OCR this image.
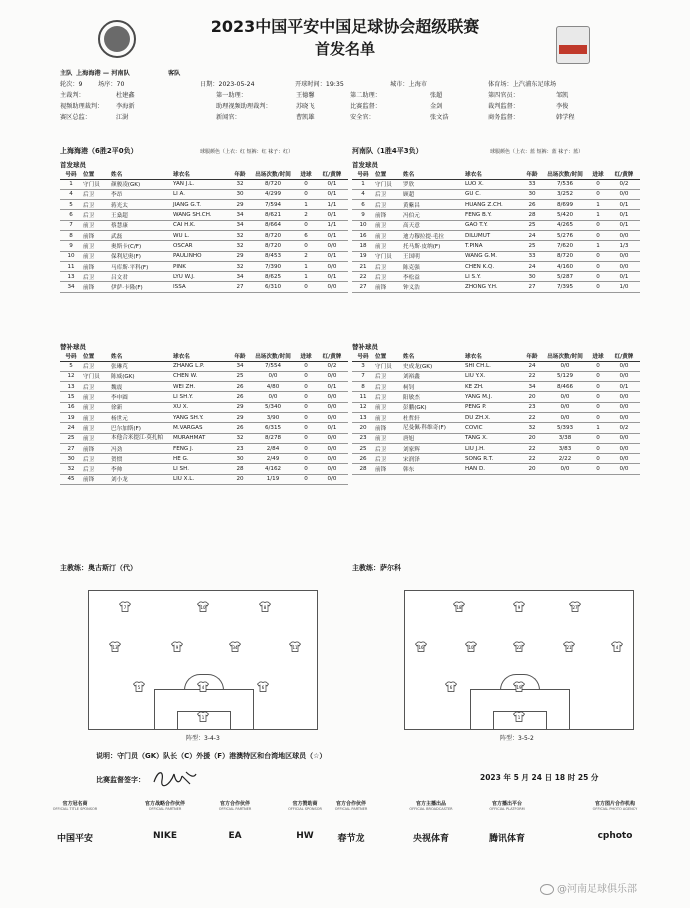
2023中国平安中国足球协会超级联赛
首发名单
主队 上海海港 — 河南队	客队
轮次：9	场序：70	日期：2023-05-24	开球时间：19:35	城市：上海市	体育场：上汽浦东足球场
主裁判：	杜建鑫	第一助理：	王德馨	第二助理：	张超	第四官员：	邹凯
视频助理裁判： 李海新	助理视频助理裁判：	苏晓飞	比赛监督：	金剑	裁判监督：	李俊
赛区总监：	江澍	新闻官：	曹凯雄	安全官：	张文浩	商务监督：	韩学程
上海海港（6胜2平0负）	球服颜色（上衣：红 短裤：红 袜子：红）	河南队（1胜4平3负）	球服颜色（上衣：蓝 短裤：蓝 袜子：蓝）
首发球员	首发球员
号码	位置	姓名	球衣名	年龄	出场次数/时间	进球	红/黄牌
1	守门员	颜骏凌(GK)	YAN J.L.	32	8/720	0	0/1
4	后卫	李昂	LI A.	30	4/299	0	0/1
5	后卫	蒋光太	JIANG G.T.	29	7/594	1	1/1
6	后卫	王燊超	WANG SH.CH.	34	8/621	2	0/1
7	前卫	蔡慧康	CAI H.K.	34	8/664	0	1/1
8	前锋	武磊	WU L.	32	8/720	6	0/1
9	前卫	奥斯卡(C/F)	OSCAR	32	8/720	0	0/0
10	前卫	保利尼奥(F)	PAULINHO	29	8/453	2	0/1
11	前锋	马库斯·平科(F)	PINK	32	7/390	1	0/0
13	后卫	吕文君	LYU W.J.	34	8/625	1	0/1
34	前锋	伊萨·卡隆(F)	ISSA	27	6/310	0	0/0
号码	位置	姓名	球衣名	年龄	出场次数/时间	进球	红/黄牌
1	守门员	罗欣	LUO X.	33	7/536	0	0/2
4	后卫	顾超	GU C.	30	3/252	0	0/0
6	后卫	黄紫昌	HUANG Z.CH.	26	8/699	1	0/1
9	前锋	冯伯元	FENG B.Y.	28	5/420	1	0/1
10	前卫	高天意	GAO T.Y.	25	4/265	0	0/1
16	前卫	迪力穆拉提·毛拉	DILUMUT	24	5/276	0	0/0
18	前卫	托马斯·皮纳(F)	T.PINA	25	7/620	1	1/3
19	守门员	王国明	WANG G.M.	33	8/720	0	0/0
21	后卫	陈克强	CHEN K.Q.	24	4/160	0	0/0
22	后卫	李松益	LI S.Y.	30	5/287	0	0/1
27	前锋	钟义浩	ZHONG Y.H.	27	7/395	0	1/0
替补球员	替补球员
号码	位置	姓名	球衣名	年龄	出场次数/时间	进球	红/黄牌
5	后卫	张琳芃	ZHANG L.P.	34	7/554	0	0/2
12	守门员	陈威(GK)	CHEN W.	25	0/0	0	0/0
13	后卫	魏震	WEI ZH.	26	4/80	0	0/1
15	前卫	李申圆	LI SH.Y.	26	0/0	0	0/0
16	前卫	徐新	XU X.	29	5/340	0	0/0
19	前卫	杨世元	YANG SH.Y.	29	3/90	0	0/0
24	前卫	巴尔加斯(F)	M.VARGAS	26	6/315	0	0/1
25	前卫	本他合米提江·莫扎帕	MURAHMAT	32	8/278	0	0/0
27	前锋	冯劲	FENG J.	23	2/84	0	0/0
30	后卫	贺惯	HE G.	30	2/49	0	0/0
32	后卫	李帅	LI SH.	28	4/162	0	0/0
45	前锋	刘小龙	LIU X.L.	20	1/19	0	0/0
号码	位置	姓名	球衣名	年龄	出场次数/时间	进球	红/黄牌
3	守门员	史成龙(GK)	SHI CH.L.	24	0/0	0	0/0
7	后卫	刘裕鑫	LIU Y.X.	22	5/129	0	0/0
8	后卫	柯钊	KE ZH.	34	8/466	0	0/1
11	后卫	阳敏杰	YANG M.J.	20	0/0	0	0/0
12	前卫	彭鹏(GK)	PENG P.	23	0/0	0	0/0
13	前卫	杜哲轩	DU ZH.X.	22	0/0	0	0/0
20	前锋	尼曼佩·科维奇(F)	COVIC	32	5/393	1	0/2
23	前卫	唐旭	TANG X.	20	3/38	0	0/0
25	后卫	刘家辉	LIU J.H.	22	3/83	0	0/0
26	后卫	宋润泽	SONG R.T.	22	2/22	0	0/0
28	前锋	韩东	HAN D.	20	0/0	0	0/0
主教练：奥古斯汀（代）	主教练：萨尔科
7	10	8
13	9	34	11
5	4	6
1
18	9	27
16	10	22	21	4
6	19
1
阵型：3-4-3	阵型：3-5-2
说明：守门员（GK）队长（C）外援（F）港澳特区和台湾地区球员（☆）
比赛监督签字：	2023 年 5 月 24 日 18 时 25 分
官方冠名商
OFFICIAL TITLE SPONSOR
中国平安
官方战略合作伙伴
OFFICIAL PARTNER
NIKE
官方合作伙伴
OFFICIAL PARTNER
EA
官方赞助商
OFFICIAL SPONSOR
HW
官方合作伙伴
OFFICIAL PARTNER
春节龙
官方主播出品
OFFICIAL BROADCASTER
央视体育
官方播出平台
OFFICIAL PLATFORM
腾讯体育
官方图片合作机构
OFFICIAL PHOTO AGENCY
cphoto
@河南足球俱乐部
